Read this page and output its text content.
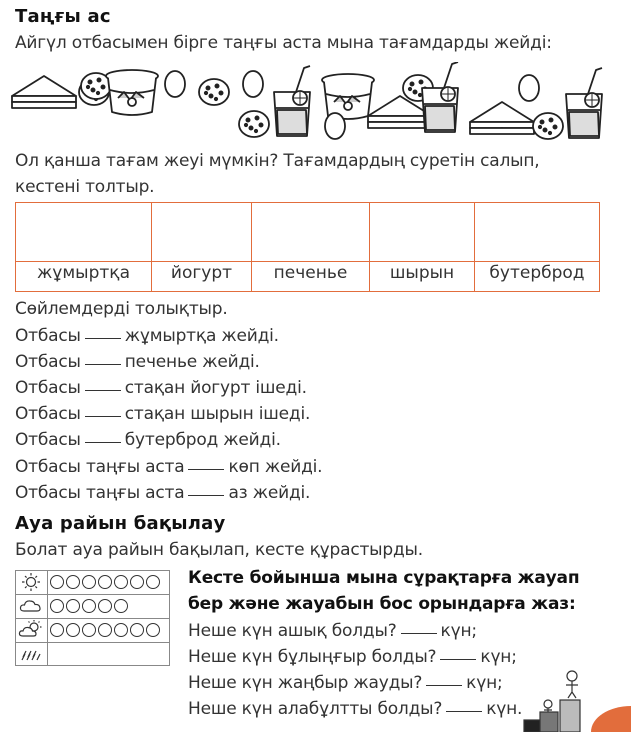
Таңғы ас
Айгүл отбасымен бірге таңғы аста мына тағамдарды жейді:
Ол қанша тағам жеуі мүмкін? Тағамдардың суретін салып,
кестені толтыр.
жұмыртқа	йогурт	печенье	шырын	бутерброд
Сөйлемдерді толықтыр.
Отбасы	жұмыртқа жейді.
Отбасы	печенье жейді.
Отбасы	стақан йогурт ішеді.
Отбасы	стақан шырын ішеді.
Отбасы	бутерброд жейді.
Отбасы таңғы аста	көп жейді.
Отбасы таңғы аста	аз жейді.
Ауа райын бақылау
Болат ауа райын бақылап, кесте құрастырды.
Кесте бойынша мына сұрақтарға жауап
бер және жауабын бос орындарға жаз:
Неше күн ашық болды?	күн;
Неше күн бұлыңғыр болды?	күн;
Неше күн жаңбыр жауды?	күн;
Неше күн алабұлтты болды?	күн.
